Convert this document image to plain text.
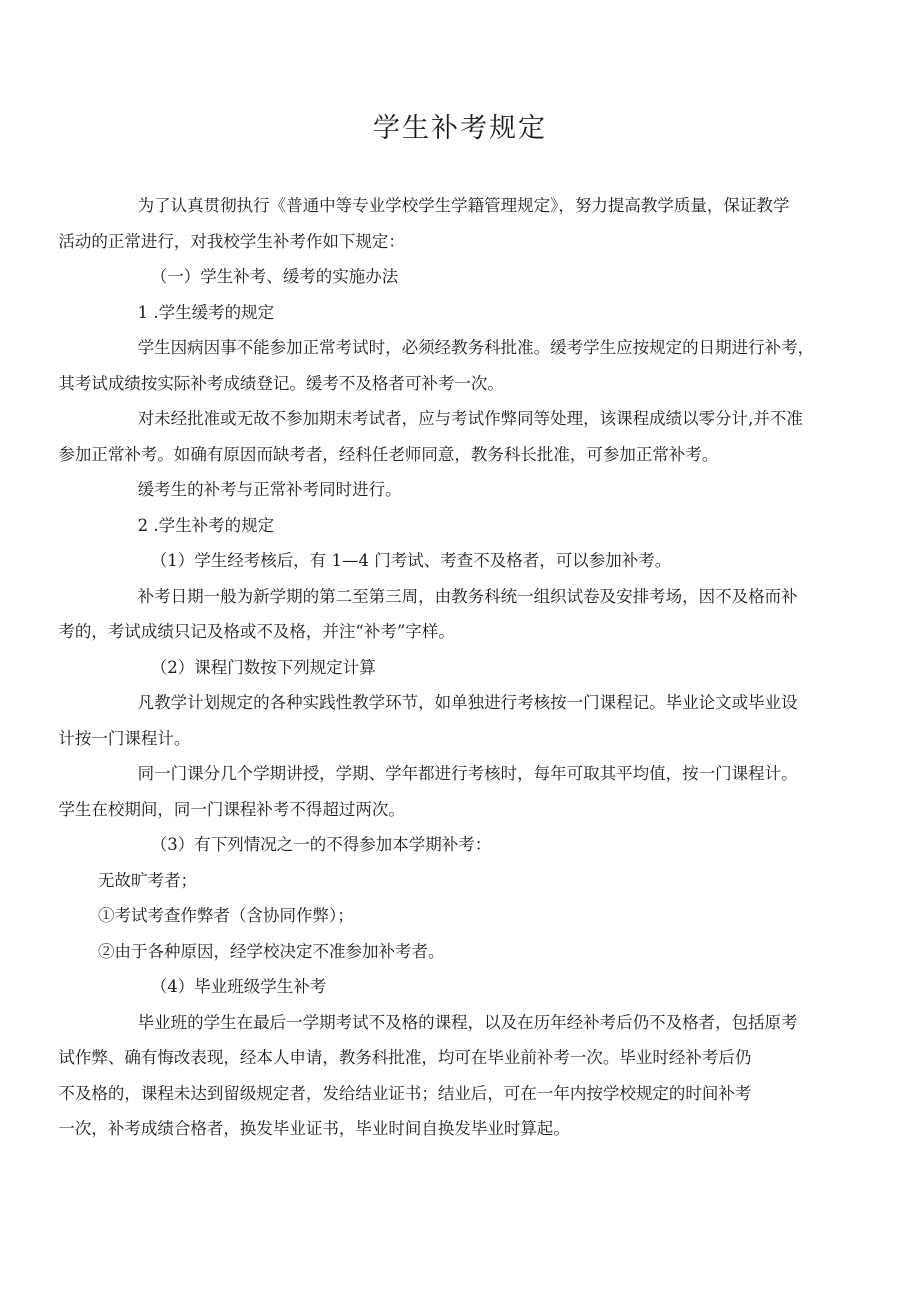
学生补考规定

为了认真贯彻执行《普通中等专业学校学生学籍管理规定》，努力提高教学质量，保证教学
活动的正常进行，对我校学生补考作如下规定：

（一）学生补考、缓考的实施办法

1 .学生缓考的规定

学生因病因事不能参加正常考试时，必须经教务科批准。缓考学生应按规定的日期进行补考，
其考试成绩按实际补考成绩登记。缓考不及格者可补考一次。

对未经批准或无故不参加期末考试者，应与考试作弊同等处理，该课程成绩以零分计,并不准
参加正常补考。如确有原因而缺考者，经科任老师同意，教务科长批准，可参加正常补考。

缓考生的补考与正常补考同时进行。

2 .学生补考的规定

（1）学生经考核后，有 1—4 门考试、考查不及格者，可以参加补考。

补考日期一般为新学期的第二至第三周，由教务科统一组织试卷及安排考场，因不及格而补
考的，考试成绩只记及格或不及格，并注“补考”字样。

（2）课程门数按下列规定计算

凡教学计划规定的各种实践性教学环节，如单独进行考核按一门课程记。毕业论文或毕业设
计按一门课程计。

同一门课分几个学期讲授，学期、学年都进行考核时，每年可取其平均值，按一门课程计。
学生在校期间，同一门课程补考不得超过两次。

（3）有下列情况之一的不得参加本学期补考：

无故旷考者；

①考试考查作弊者（含协同作弊）；

②由于各种原因，经学校决定不准参加补考者。

（4）毕业班级学生补考

毕业班的学生在最后一学期考试不及格的课程，以及在历年经补考后仍不及格者，包括原考
试作弊、确有悔改表现，经本人申请，教务科批准，均可在毕业前补考一次。毕业时经补考后仍
不及格的，课程未达到留级规定者，发给结业证书；结业后，可在一年内按学校规定的时间补考
一次，补考成绩合格者，换发毕业证书，毕业时间自换发毕业时算起。
